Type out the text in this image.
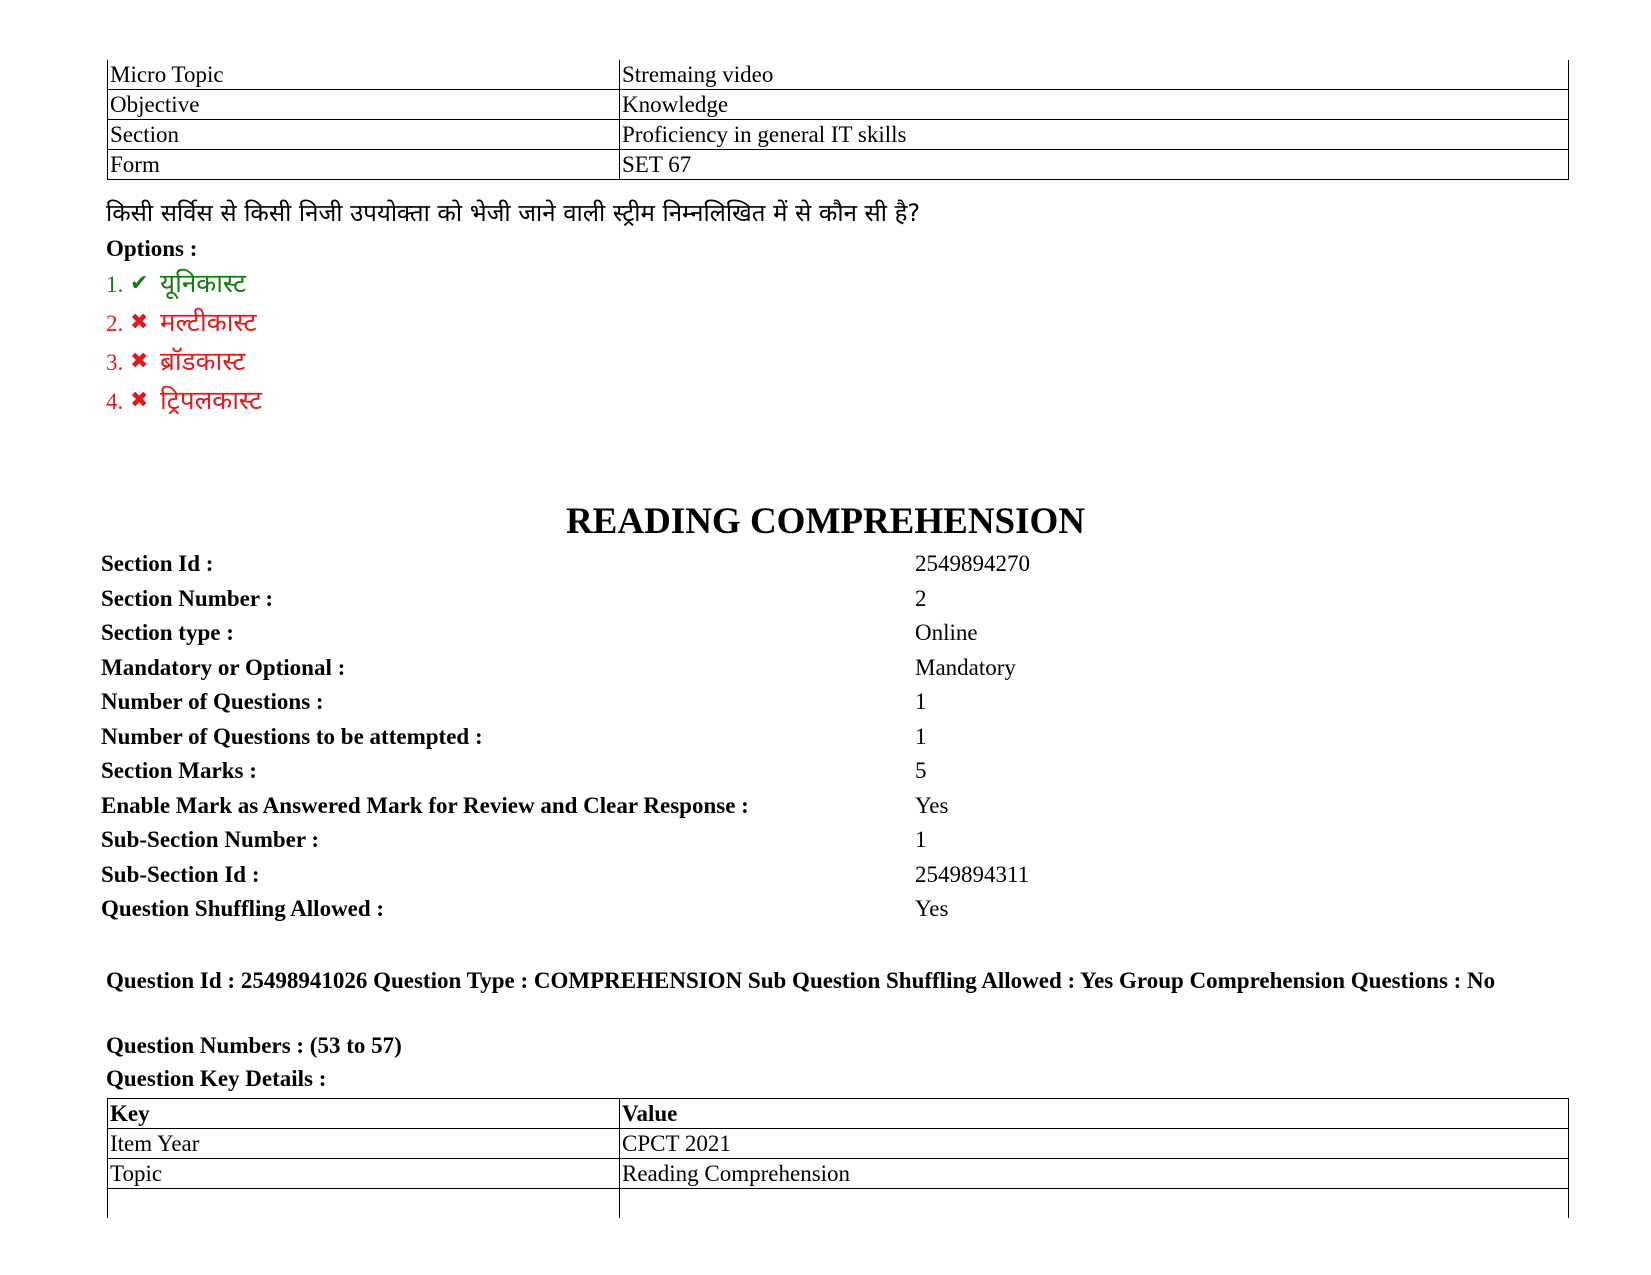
Micro Topic	Stremaing video
Objective	Knowledge
Section	Proficiency in general IT skills
Form	SET 67
किसी सर्विस से किसी निजी उपयोक्ता को भेजी जाने वाली स्ट्रीम निम्नलिखित में से कौन सी है?
Options :
1. ✔ यूनिकास्ट
2. ✖ मल्टीकास्ट
3. ✖ ब्रॉडकास्ट
4. ✖ ट्रिपलकास्ट
READING COMPREHENSION
Section Id :	2549894270
Section Number :	2
Section type :	Online
Mandatory or Optional :	Mandatory
Number of Questions :	1
Number of Questions to be attempted :	1
Section Marks :	5
Enable Mark as Answered Mark for Review and Clear Response :	Yes
Sub-Section Number :	1
Sub-Section Id :	2549894311
Question Shuffling Allowed :	Yes
Question Id : 25498941026 Question Type : COMPREHENSION Sub Question Shuffling Allowed : Yes Group Comprehension Questions : No
Question Numbers : (53 to 57)
Question Key Details :
Key	Value
Item Year	CPCT 2021
Topic	Reading Comprehension
